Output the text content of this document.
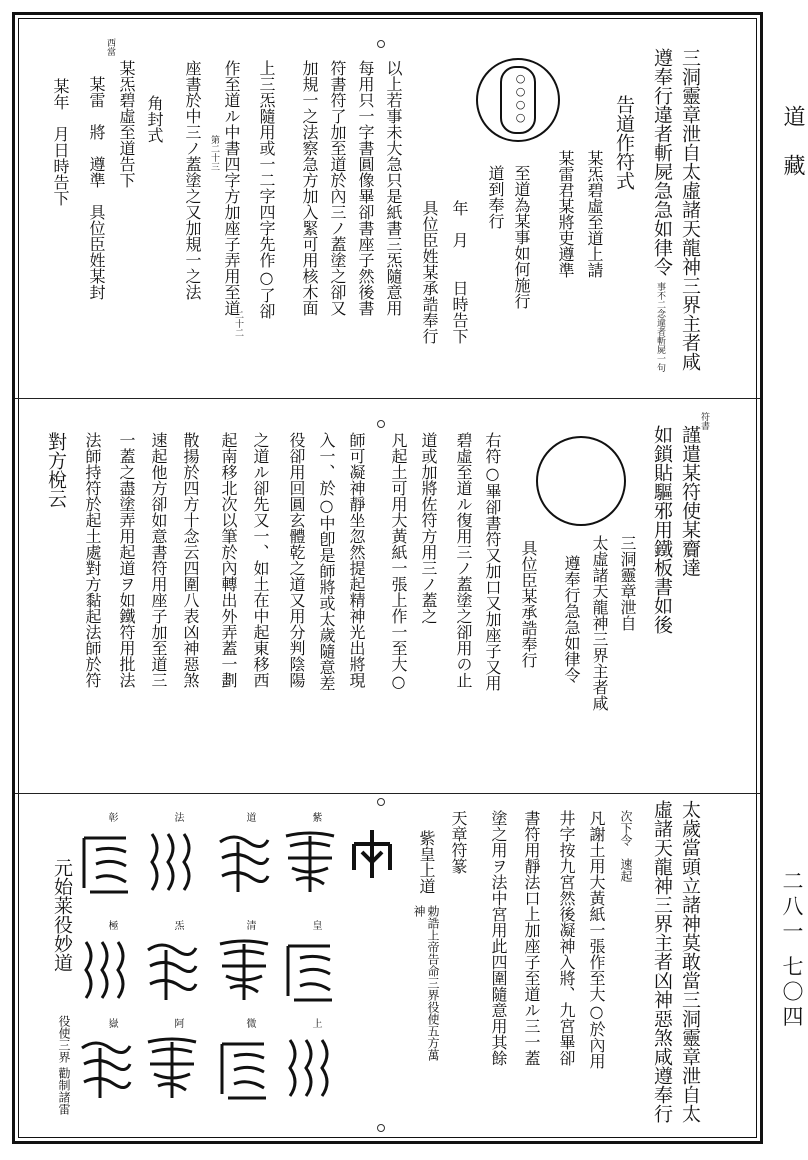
道 藏
二八一 七〇四
○○○○	三洞靈章泄自太虛諸天龍神三界主者咸
遵奉行違者斬屍急急如律令
事不二念違者斬屍一句
告道作符式
某炁碧虛至道上請
某雷君某將吏遵準
至道為某事如何施行
道到奉行
年　月　　日時告下
具位臣姓某承誥奉行
以上若事未大急只是紙書三炁隨意用
每用只一字書圓像畢卻書座子然後書
符書符了加至道於內三ノ蓋塗之卻又
加規一之法察急方加入緊可用核木面
上三炁隨用或一二字四字先作○了卻
二十二
作至道ル中書四字方加座子弄用至道
第二十三
座書於中三ノ蓋塗之又加規一之法
角封式
西當
某炁碧虛至道告下
某雷　將　遵準　具位臣姓某封
某年　月日時告下
符書
謹遣某符使某齎達
如鎖貼驅邪用鐵板書如後
三洞靈章泄自
太虛諸天龍神三界主者咸
遵奉行急急如律令
具位臣某承誥奉行
右符○畢卻書符又加口又加座子又用
碧虛至道ル復用三ノ蓋塗之卻用の止
道或加將佐符方用三ノ蓋之
凡起土可用大黃紙一張上作一至大○
師可凝神靜坐忽然提起精神光出將現
入一、於○中卽是師將或太歲隨意差
役卻用回圓玄體乾之道又用分判陰陽
之道ル卻先又一、如土在中起東移西
起南移北次以筆於內轉出外弄蓋一劃
散揚於四方十念云四圍八表凶神惡煞
速起他方卻如意書符用座子加至道三
一蓋之盡塗弄用起道ヲ如鐵符用批法
法師持符於起土處對方黏起法師於符
對方梲云
太歲當頭立諸神莫敢當三洞靈章泄自太
虛諸天龍神三界主者凶神惡煞咸遵奉行
次下令　速起
凡謝土用大黃紙一張作至大○於內用
井字按九宮然後凝神入將、九宮畢卻
書符用靜法口上加座子至道ル三一蓋
塗之用ヲ法中宮用此四圍隨意用其餘
天章符篆
紫皇上道
勅誥上帝告命三界役使五方萬神
紫
皇
上
道
清
微
法
炁
阿
彰
極
嶽
元始莱役妙道
役使三界 勸制諸雷
